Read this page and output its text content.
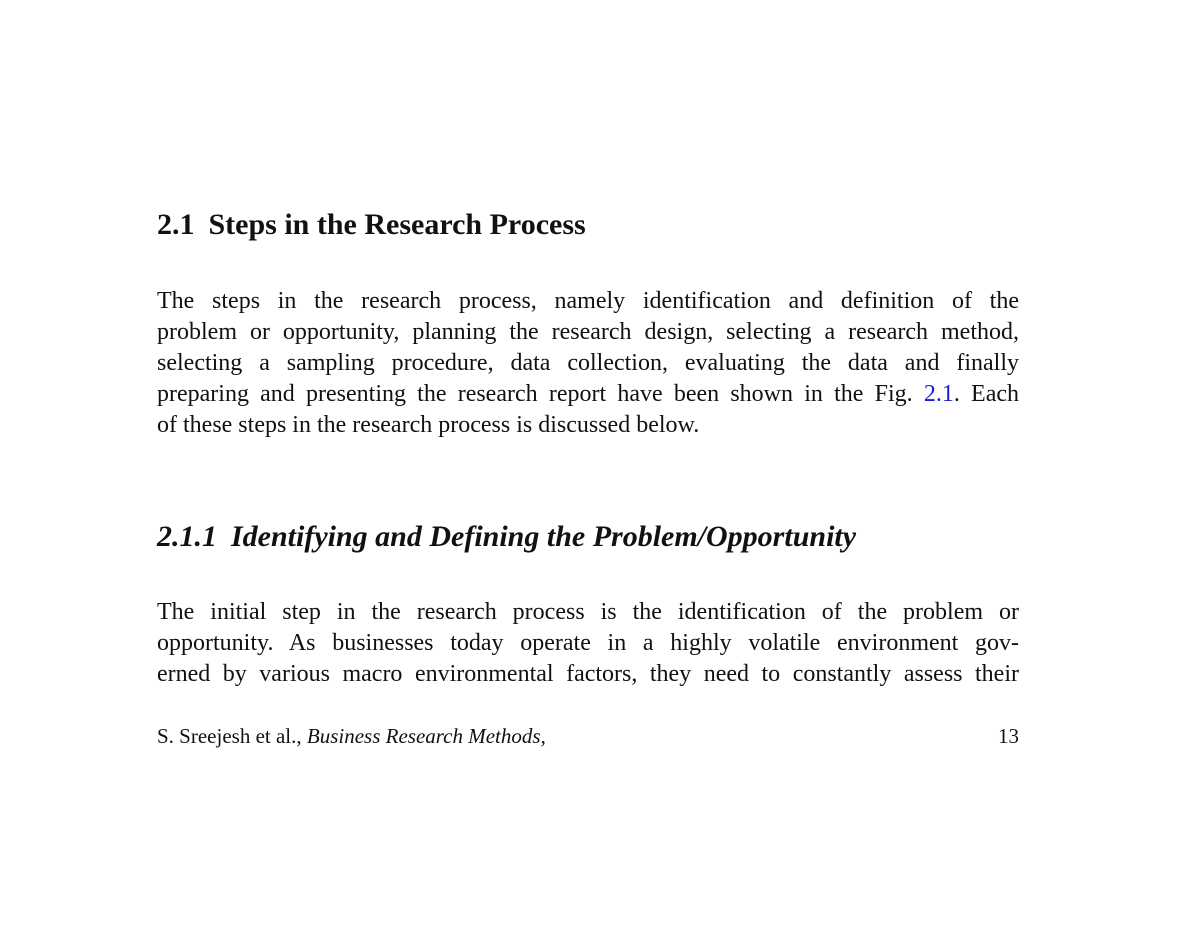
2.1 Steps in the Research Process

The steps in the research process, namely identification and definition of the
problem or opportunity, planning the research design, selecting a research method,
selecting a sampling procedure, data collection, evaluating the data and finally
preparing and presenting the research report have been shown in the Fig. 2.1. Each
of these steps in the research process is discussed below.

2.1.1 Identifying and Defining the Problem/Opportunity

The initial step in the research process is the identification of the problem or
opportunity. As businesses today operate in a highly volatile environment gov-
erned by various macro environmental factors, they need to constantly assess their

S. Sreejesh et al., Business Research Methods,	13
